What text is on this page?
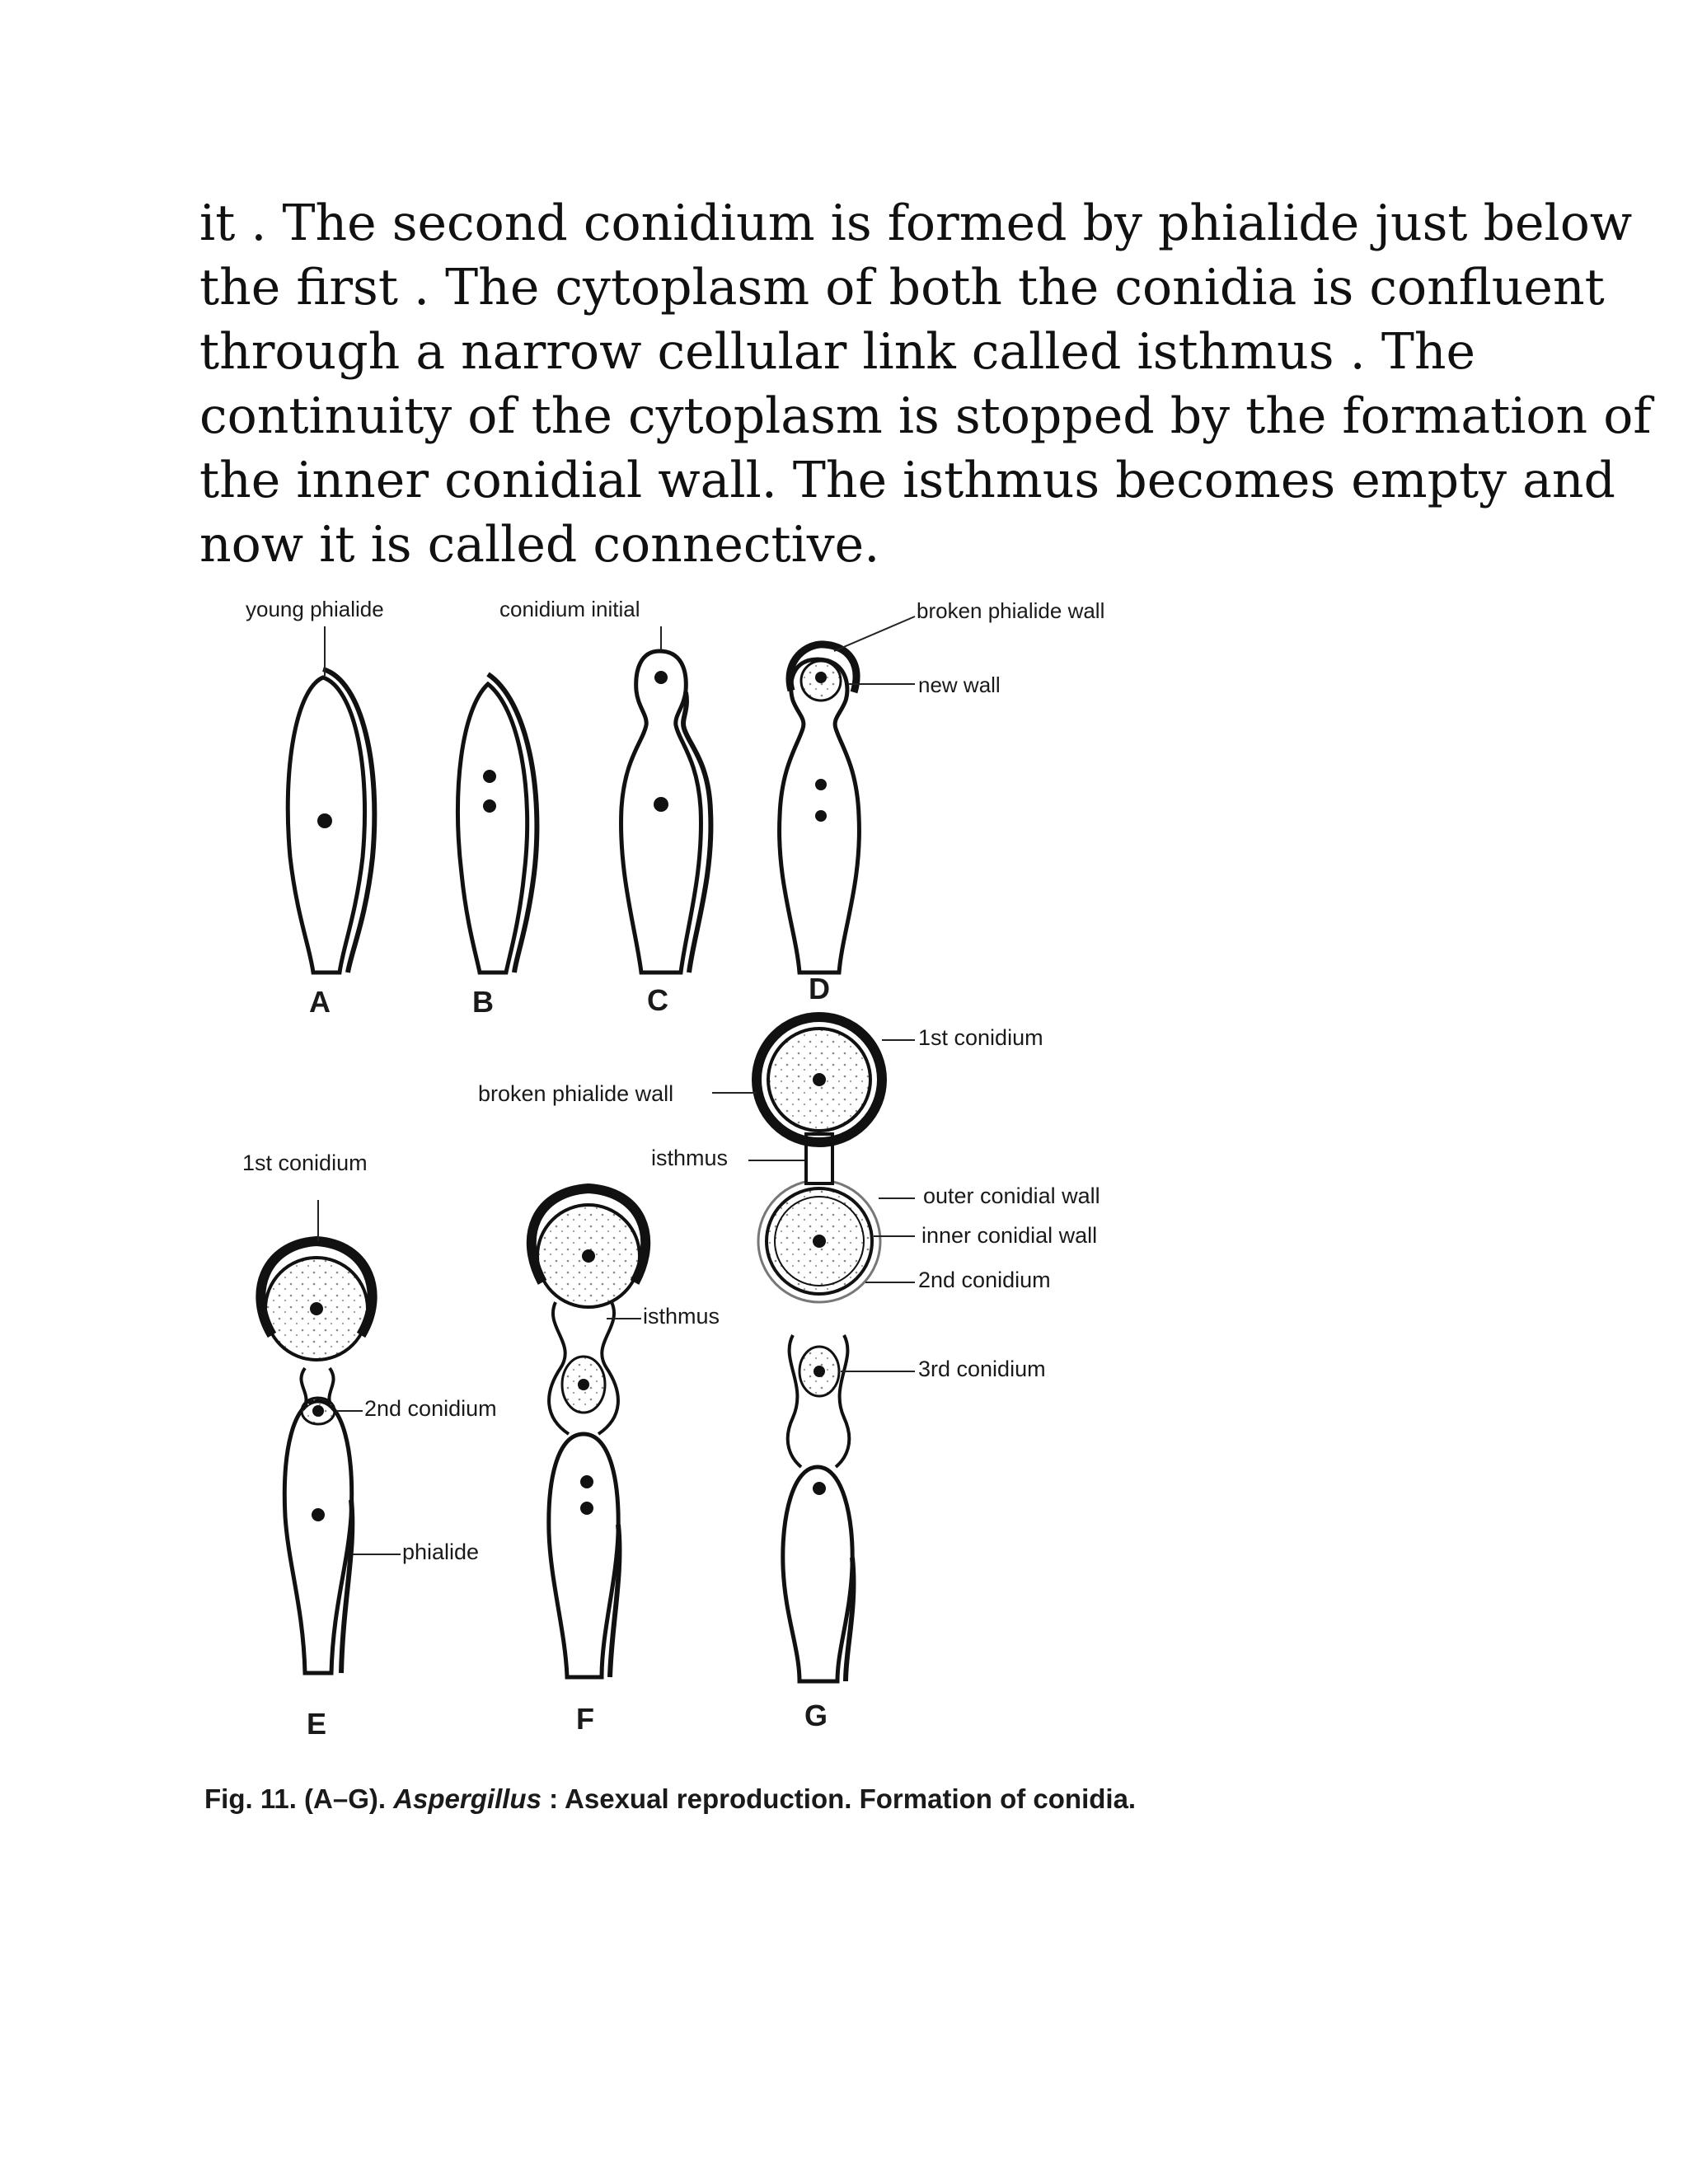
it . The second conidium is formed by phialide just below
the first . The cytoplasm of both the conidia is confluent
through a narrow cellular link called isthmus . The
continuity of the cytoplasm is stopped by the formation of
the inner conidial wall. The isthmus becomes empty and
now it is called connective.
A	B	C	D
E	F	G
young phialide	conidium initial	broken phialide wall
new wall
1st conidium
broken phialide wall
isthmus
outer conidial wall
inner conidial wall
2nd conidium
3rd conidium
1st conidium
2nd conidium
phialide
isthmus
Fig. 11. (A–G). Aspergillus : Asexual reproduction. Formation of conidia.
